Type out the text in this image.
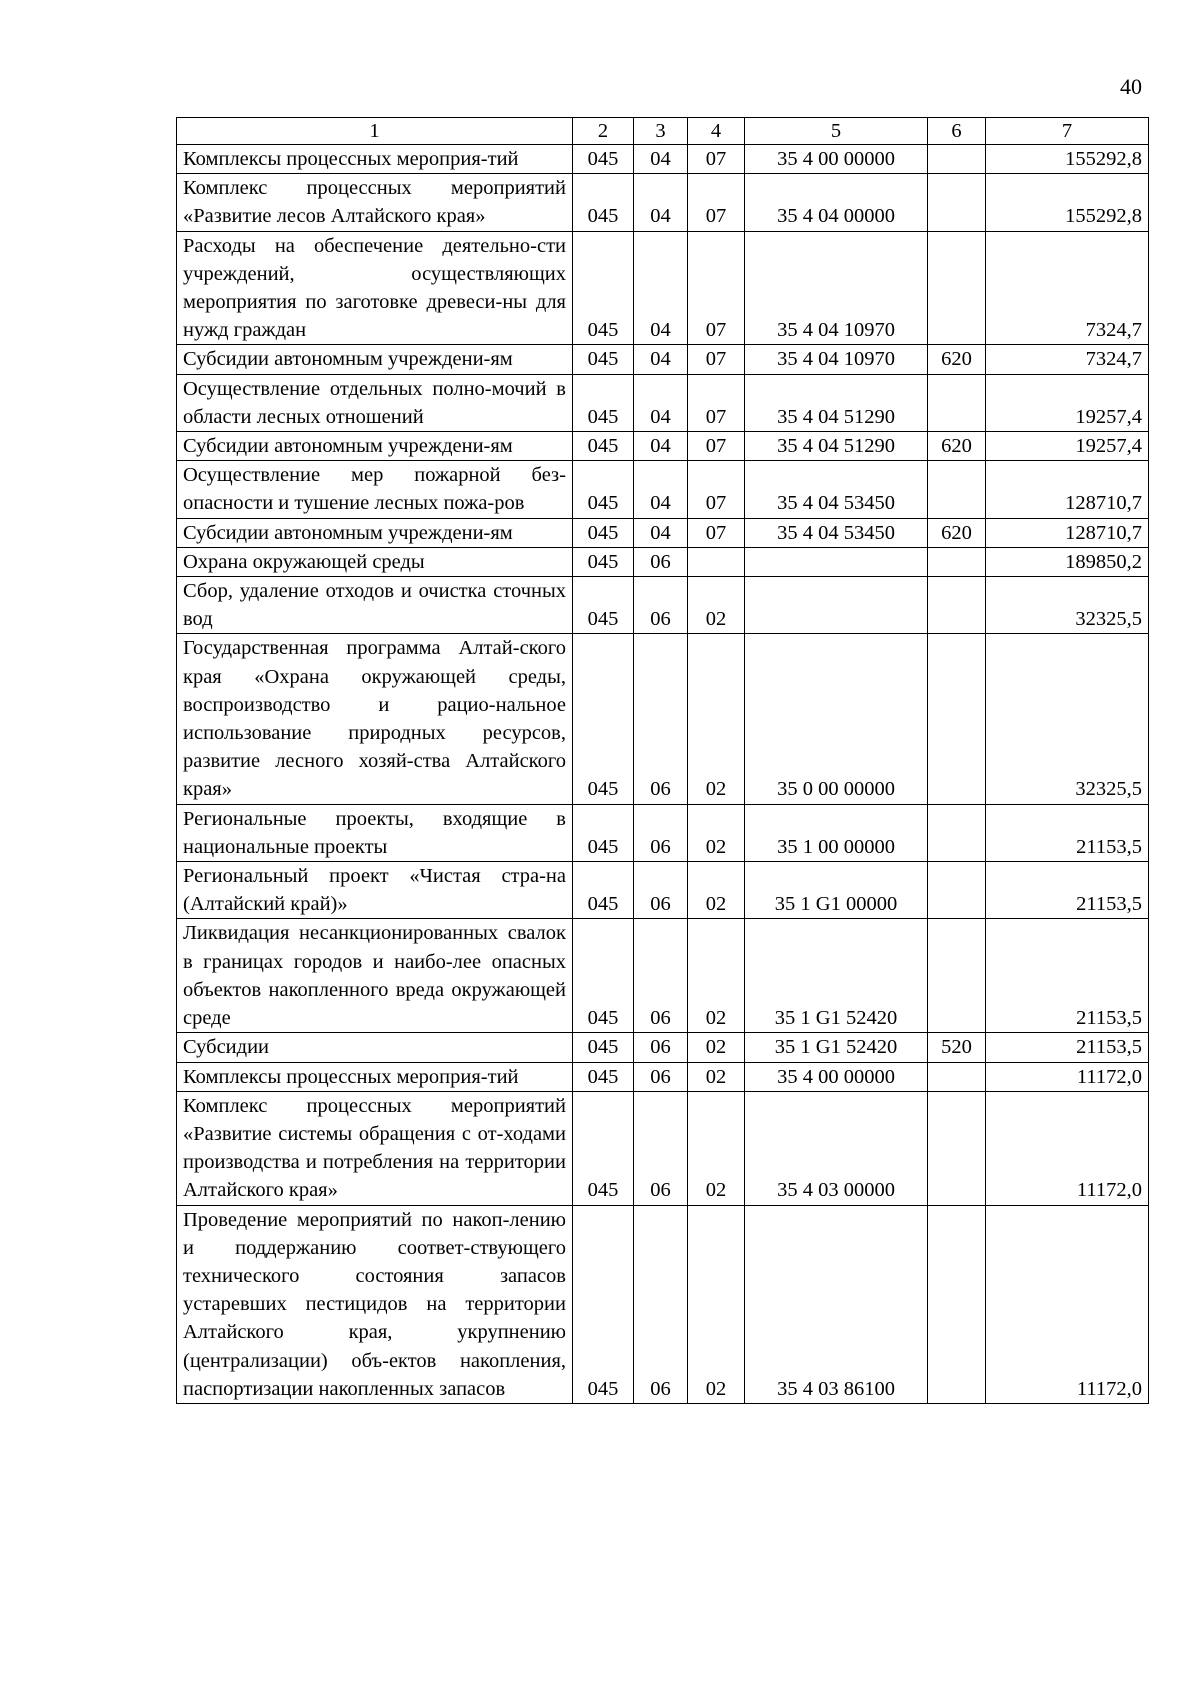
40
1	2	3	4	5	6	7
Комплексы процессных мероприя-тий	045	04	07	35 4 00 00000		155292,8
Комплекс процессных мероприятий «Развитие лесов Алтайского края»	045	04	07	35 4 04 00000		155292,8
Расходы на обеспечение деятельно-сти учреждений, осуществляющих мероприятия по заготовке древеси-ны для нужд граждан	045	04	07	35 4 04 10970		7324,7
Субсидии автономным учреждени-ям	045	04	07	35 4 04 10970	620	7324,7
Осуществление отдельных полно-мочий в области лесных отношений	045	04	07	35 4 04 51290		19257,4
Субсидии автономным учреждени-ям	045	04	07	35 4 04 51290	620	19257,4
Осуществление мер пожарной без-опасности и тушение лесных пожа-ров	045	04	07	35 4 04 53450		128710,7
Субсидии автономным учреждени-ям	045	04	07	35 4 04 53450	620	128710,7
Охрана окружающей среды	045	06				189850,2
Сбор, удаление отходов и очистка сточных вод	045	06	02			32325,5
Государственная программа Алтай-ского края «Охрана окружающей среды, воспроизводство и рацио-нальное использование природных ресурсов, развитие лесного хозяй-ства Алтайского края»	045	06	02	35 0 00 00000		32325,5
Региональные проекты, входящие в национальные проекты	045	06	02	35 1 00 00000		21153,5
Региональный проект «Чистая стра-на (Алтайский край)»	045	06	02	35 1 G1 00000		21153,5
Ликвидация несанкционированных свалок в границах городов и наибо-лее опасных объектов накопленного вреда окружающей среде	045	06	02	35 1 G1 52420		21153,5
Субсидии	045	06	02	35 1 G1 52420	520	21153,5
Комплексы процессных мероприя-тий	045	06	02	35 4 00 00000		11172,0
Комплекс процессных мероприятий «Развитие системы обращения с от-ходами производства и потребления на территории Алтайского края»	045	06	02	35 4 03 00000		11172,0
Проведение мероприятий по накоп-лению и поддержанию соответ-ствующего технического состояния запасов устаревших пестицидов на территории Алтайского края, укрупнению (централизации) объ-ектов накопления, паспортизации накопленных запасов	045	06	02	35 4 03 86100		11172,0
